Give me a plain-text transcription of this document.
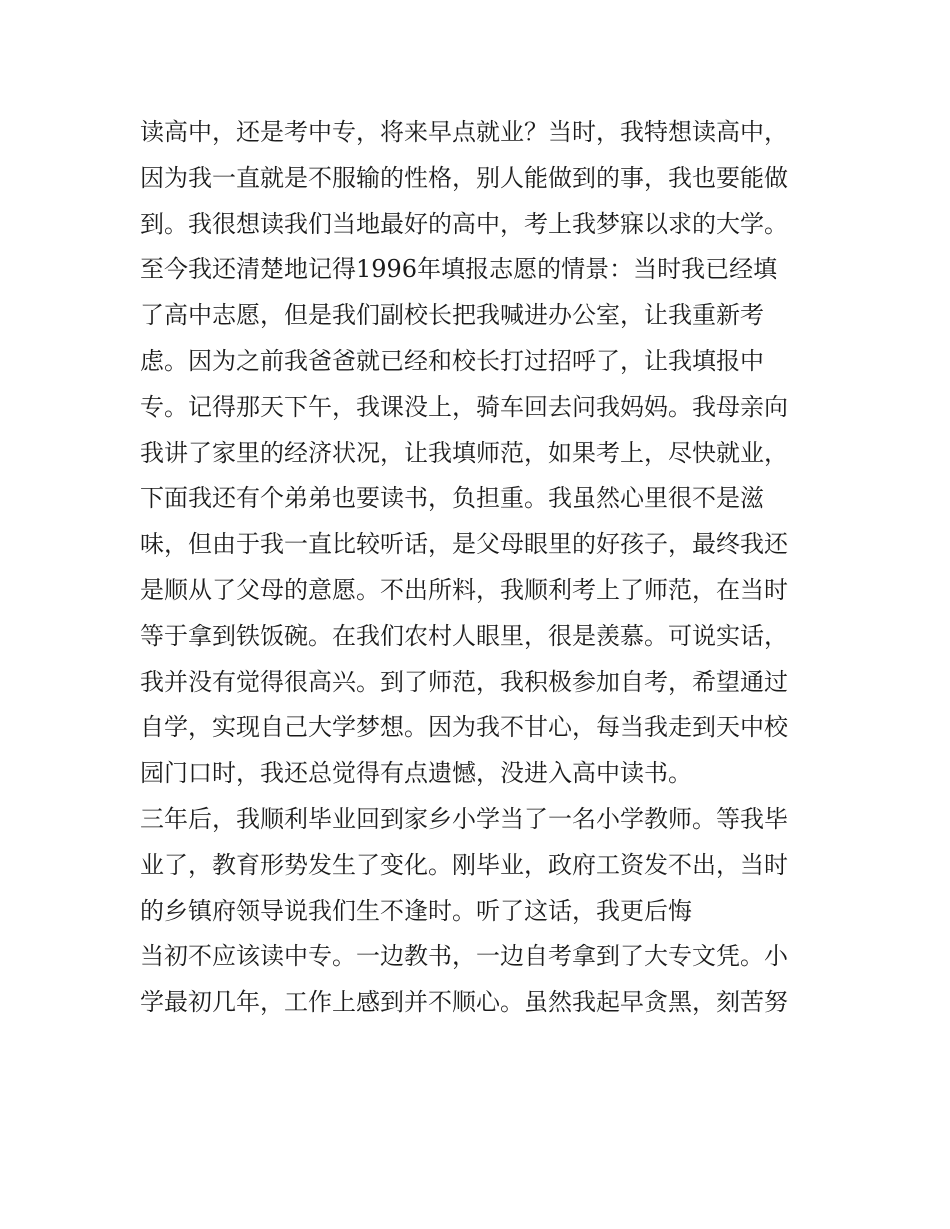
读高中，还是考中专，将来早点就业？当时，我特想读高中，
因为我一直就是不服输的性格，别人能做到的事，我也要能做
到。我很想读我们当地最好的高中，考上我梦寐以求的大学。
至今我还清楚地记得1996年填报志愿的情景：当时我已经填
了高中志愿，但是我们副校长把我喊进办公室，让我重新考
虑。因为之前我爸爸就已经和校长打过招呼了，让我填报中
专。记得那天下午，我课没上，骑车回去问我妈妈。我母亲向
我讲了家里的经济状况，让我填师范，如果考上，尽快就业，
下面我还有个弟弟也要读书，负担重。我虽然心里很不是滋
味，但由于我一直比较听话，是父母眼里的好孩子，最终我还
是顺从了父母的意愿。不出所料，我顺利考上了师范，在当时
等于拿到铁饭碗。在我们农村人眼里，很是羡慕。可说实话，
我并没有觉得很高兴。到了师范，我积极参加自考，希望通过
自学，实现自己大学梦想。因为我不甘心，每当我走到天中校
园门口时，我还总觉得有点遗憾，没进入高中读书。
三年后，我顺利毕业回到家乡小学当了一名小学教师。等我毕
业了，教育形势发生了变化。刚毕业，政府工资发不出，当时
的乡镇府领导说我们生不逢时。听了这话，我更后悔
当初不应该读中专。一边教书，一边自考拿到了大专文凭。小
学最初几年，工作上感到并不顺心。虽然我起早贪黑，刻苦努
